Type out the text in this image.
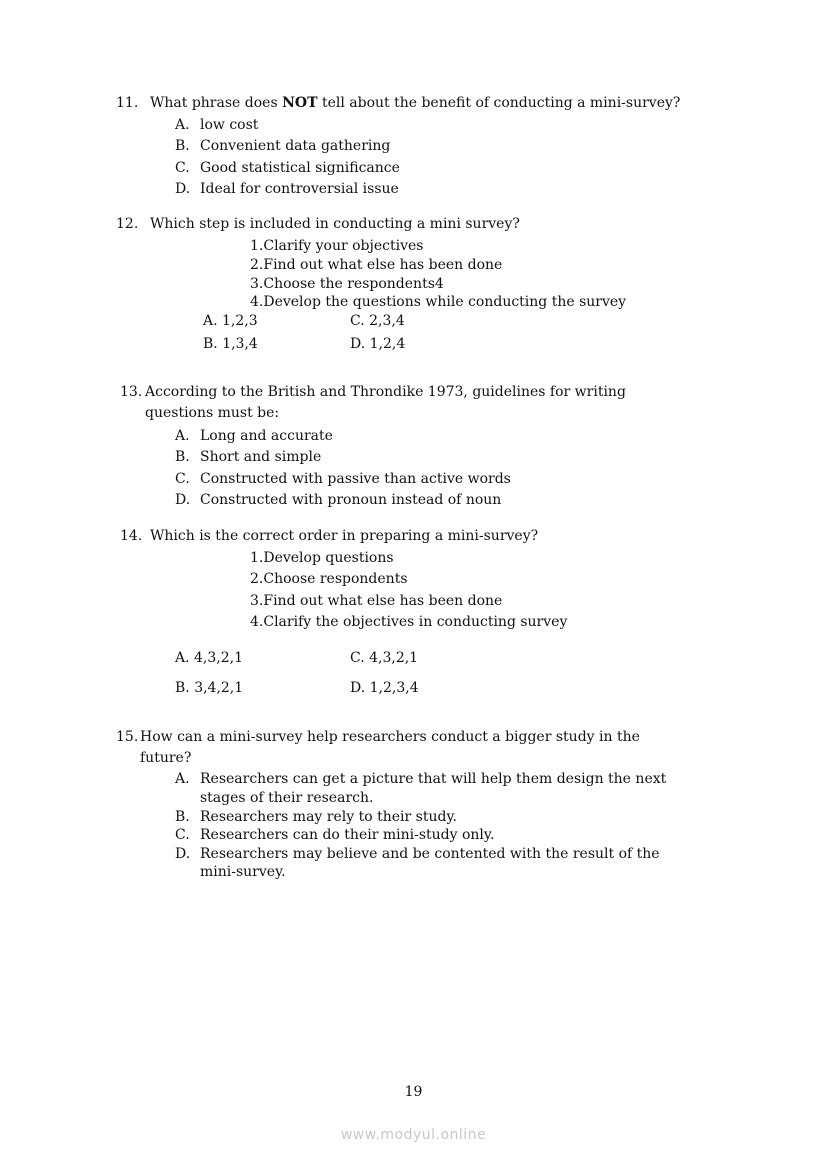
11. What phrase does NOT tell about the benefit of conducting a mini-survey?
A. low cost
B. Convenient data gathering
C. Good statistical significance
D. Ideal for controversial issue
12. Which step is included in conducting a mini survey?
1.Clarify your objectives
2.Find out what else has been done
3.Choose the respondents4
4.Develop the questions while conducting the survey
A. 1,2,3	C. 2,3,4
B. 1,3,4	D. 1,2,4
13. According to the British and Throndike 1973, guidelines for writing
questions must be:
A. Long and accurate
B. Short and simple
C. Constructed with passive than active words
D. Constructed with pronoun instead of noun
14. Which is the correct order in preparing a mini-survey?
1.Develop questions
2.Choose respondents
3.Find out what else has been done
4.Clarify the objectives in conducting survey
A. 4,3,2,1	C. 4,3,2,1
B. 3,4,2,1	D. 1,2,3,4
15. How can a mini-survey help researchers conduct a bigger study in the
future?
A. Researchers can get a picture that will help them design the next
stages of their research.
B. Researchers may rely to their study.
C. Researchers can do their mini-study only.
D. Researchers may believe and be contented with the result of the
mini-survey.
19
www.modyul.online
